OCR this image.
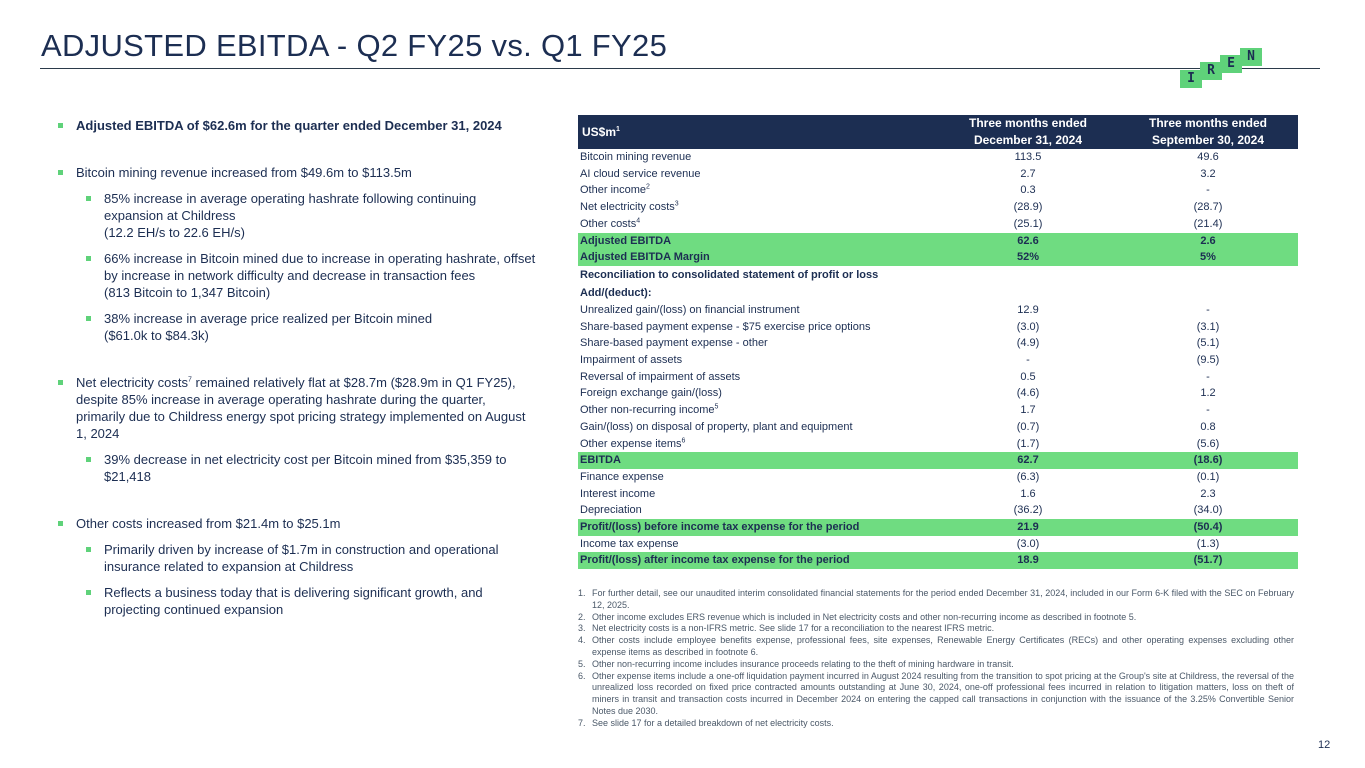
ADJUSTED EBITDA - Q2 FY25 vs. Q1 FY25
I
R E N
Adjusted EBITDA of $62.6m for the quarter ended December 31, 2024
Bitcoin mining revenue increased from $49.6m to $113.5m
85% increase in average operating hashrate following continuing expansion at Childress
(12.2 EH/s to 22.6 EH/s)
66% increase in Bitcoin mined due to increase in operating hashrate, offset by increase in network difficulty and decrease in transaction fees
(813 Bitcoin to 1,347 Bitcoin)
38% increase in average price realized per Bitcoin mined
($61.0k to $84.3k)
Net electricity costs$^7$ remained relatively flat at $28.7m ($28.9m in Q1 FY25), despite 85% increase in average operating hashrate during the quarter, primarily due to Childress energy spot pricing strategy implemented on August 1, 2024
39% decrease in net electricity cost per Bitcoin mined from $35,359 to $21,418
Other costs increased from $21.4m to $25.1m
Primarily driven by increase of $1.7m in construction and operational insurance related to expansion at Childress
Reflects a business today that is delivering significant growth, and projecting continued expansion
$US\$m^1$	Three months ended	Three months ended
	December 31, 2024	September 30, 2024
Bitcoin mining revenue	113.5	49.6
AI cloud service revenue	2.7	3.2
Other income$^2$	0.3	-
Net electricity costs$^3$	(28.9)	(28.7)
Other costs$^4$	(25.1)	(21.4)
Adjusted EBITDA	62.6	2.6
Adjusted EBITDA Margin	52%	5%
Reconciliation to consolidated statement of profit or loss		
Add/(deduct):		
Unrealized gain/(loss) on financial instrument	12.9	-
Share-based payment expense - $75 exercise price options	(3.0)	(3.1)
Share-based payment expense - other	(4.9)	(5.1)
Impairment of assets	-	(9.5)
Reversal of impairment of assets	0.5	-
Foreign exchange gain/(loss)	(4.6)	1.2
Other non-recurring income$^5$	1.7	-
Gain/(loss) on disposal of property, plant and equipment	(0.7)	0.8
Other expense items$^6$	(1.7)	(5.6)
EBITDA	62.7	(18.6)
Finance expense	(6.3)	(0.1)
Interest income	1.6	2.3
Depreciation	(36.2)	(34.0)
Profit/(loss) before income tax expense for the period	21.9	(50.4)
Income tax expense	(3.0)	(1.3)
Profit/(loss) after income tax expense for the period	18.9	(51.7)
1. For further detail, see our unaudited interim consolidated financial statements for the period ended December 31, 2024, included in our Form 6-K filed with the SEC on February 12, 2025.
2. Other income excludes ERS revenue which is included in Net electricity costs and other non-recurring income as described in footnote 5.
3. Net electricity costs is a non-IFRS metric. See slide 17 for a reconciliation to the nearest IFRS metric.
4. Other costs include employee benefits expense, professional fees, site expenses, Renewable Energy Certificates (RECs) and other operating expenses excluding other expense items as described in footnote 6.
5. Other non-recurring income includes insurance proceeds relating to the theft of mining hardware in transit.
6. Other expense items include a one-off liquidation payment incurred in August 2024 resulting from the transition to spot pricing at the Group's site at Childress, the reversal of the unrealized loss recorded on fixed price contracted amounts outstanding at June 30, 2024, one-off professional fees incurred in relation to litigation matters, loss on theft of miners in transit and transaction costs incurred in December 2024 on entering the capped call transactions in conjunction with the issuance of the 3.25% Convertible Senior Notes due 2030.
7. See slide 17 for a detailed breakdown of net electricity costs.
12
